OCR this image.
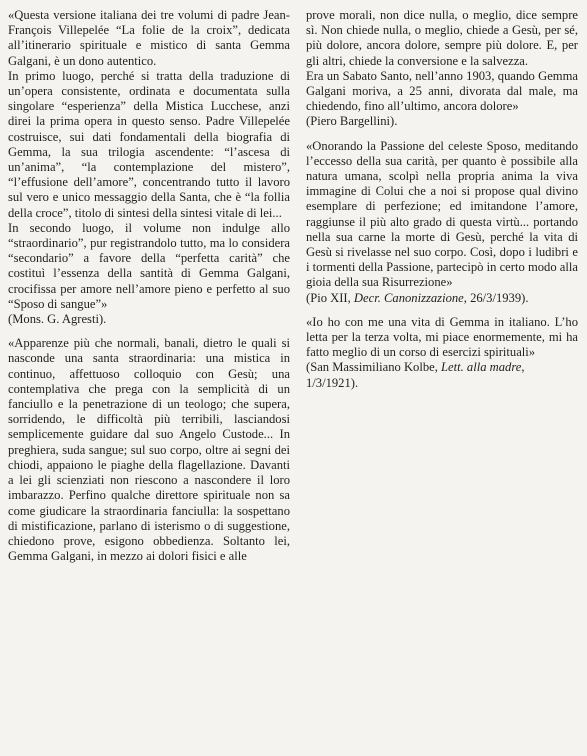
«Questa versione italiana dei tre volumi di padre Jean-François Villepelée “La folie de la croix”, dedicata all’itinerario spirituale e mistico di santa Gemma Galgani, è un dono autentico.

In primo luogo, perché si tratta della traduzione di un’opera consistente, ordinata e documentata sulla singolare “esperienza” della Mistica Lucchese, anzi direi la prima opera in questo senso. Padre Villepelée costruisce, sui dati fondamentali della biografia di Gemma, la sua trilogia ascendente: “l’ascesa di un’anima”, “la contemplazione del mistero”, “l’effusione dell’amore”, concentrando tutto il lavoro sul vero e unico messaggio della Santa, che è “la follia della croce”, titolo di sintesi della sintesi vitale di lei...

In secondo luogo, il volume non indulge allo “straordinario”, pur registrandolo tutto, ma lo considera “secondario” a favore della “perfetta carità” che costituì l’essenza della santità di Gemma Galgani, crocifissa per amore nell’amore pieno e perfetto al suo “Sposo di sangue”»

(Mons. G. Agresti).

«Apparenze più che normali, banali, dietro le quali si nasconde una santa straordinaria: una mistica in continuo, affettuoso colloquio con Gesù; una contemplativa che prega con la semplicità di un fanciullo e la penetrazione di un teologo; che supera, sorridendo, le difficoltà più terribili, lasciandosi semplicemente guidare dal suo Angelo Custode... In preghiera, suda sangue; sul suo corpo, oltre ai segni dei chiodi, appaiono le piaghe della flagellazione. Davanti a lei gli scienziati non riescono a nascondere il loro imbarazzo. Perfino qualche direttore spirituale non sa come giudicare la straordinaria fanciulla: la sospettano di mistificazione, parlano di isterismo o di suggestione, chiedono prove, esigono obbedienza. Soltanto lei, Gemma Galgani, in mezzo ai dolori fisici e alle

prove morali, non dice nulla, o meglio, dice sempre sì. Non chiede nulla, o meglio, chiede a Gesù, per sé, più dolore, ancora dolore, sempre più dolore. E, per gli altri, chiede la conversione e la salvezza.

Era un Sabato Santo, nell’anno 1903, quando Gemma Galgani moriva, a 25 anni, divorata dal male, ma chiedendo, fino all’ultimo, ancora dolore»

(Piero Bargellini).

«Onorando la Passione del celeste Sposo, meditando l’eccesso della sua carità, per quanto è possibile alla natura umana, scolpì nella propria anima la viva immagine di Colui che a noi si propose qual divino esemplare di perfezione; ed imitandone l’amore, raggiunse il più alto grado di questa virtù... portando nella sua carne la morte di Gesù, perché la vita di Gesù si rivelasse nel suo corpo. Così, dopo i ludibri e i tormenti della Passione, partecipò in certo modo alla gioia della sua Risurrezione»

(Pio XII, Decr. Canonizzazione, 26/3/1939).

«Io ho con me una vita di Gemma in italiano. L’ho letta per la terza volta, mi piace enormemente, mi ha fatto meglio di un corso di esercizi spirituali»

(San Massimiliano Kolbe, Lett. alla madre, 1/3/1921).
